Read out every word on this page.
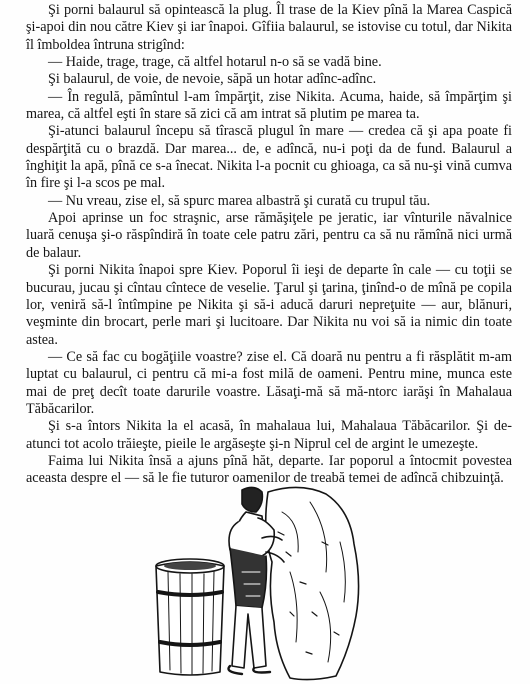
Şi porni balaurul să opintească la plug. Îl trase de la Kiev pînă la Marea Caspică şi-apoi din nou către Kiev şi iar înapoi. Gîfiia balaurul, se istovise cu totul, dar Nikita îl îmboldea întruna strigînd:

— Haide, trage, trage, că altfel hotarul n-o să se vadă bine.

Şi balaurul, de voie, de nevoie, săpă un hotar adînc-adînc.

— În regulă, pămîntul l-am împărţit, zise Nikita. Acuma, haide, să împărţim şi marea, că altfel eşti în stare să zici că am intrat să plutim pe marea ta.

Şi-atunci balaurul începu să tîrască plugul în mare — credea că şi apa poate fi despărţită cu o brazdă. Dar marea... de, e adîncă, nu-i poţi da de fund. Balaurul a înghiţit la apă, pînă ce s-a înecat. Nikita l-a pocnit cu ghioaga, ca să nu-şi vină cumva în fire şi l-a scos pe mal.

— Nu vreau, zise el, să spurc marea albastră şi curată cu trupul tău.

Apoi aprinse un foc straşnic, arse rămăşiţele pe jeratic, iar vînturile năvalnice luară cenuşa şi-o răspîndiră în toate cele patru zări, pentru ca să nu rămînă nici urmă de balaur.

Şi porni Nikita înapoi spre Kiev. Poporul îi ieşi de departe în cale — cu toţii se bucurau, jucau şi cîntau cîntece de veselie. Ţarul şi ţarina, ţinînd-o de mînă pe copila lor, veniră să-l întîmpine pe Nikita şi să-i aducă daruri nepreţuite — aur, blănuri, veşminte din brocart, perle mari şi lucitoare. Dar Nikita nu voi să ia nimic din toate astea.

— Ce să fac cu bogăţiile voastre? zise el. Că doară nu pentru a fi răsplătit m-am luptat cu balaurul, ci pentru că mi-a fost milă de oameni. Pentru mine, munca este mai de preţ decît toate darurile voastre. Lăsaţi-mă să mă-ntorc iarăşi în Mahalaua Tăbăcarilor.

Şi s-a întors Nikita la el acasă, în mahalaua lui, Mahalaua Tăbăcarilor. Şi de-atunci tot acolo trăieşte, pieile le argăseşte şi-n Niprul cel de argint le umezeşte.

Faima lui Nikita însă a ajuns pînă hăt, departe. Iar poporul a întocmit povestea aceasta despre el — să le fie tuturor oamenilor de treabă temei de adîncă chibzuinţă.
